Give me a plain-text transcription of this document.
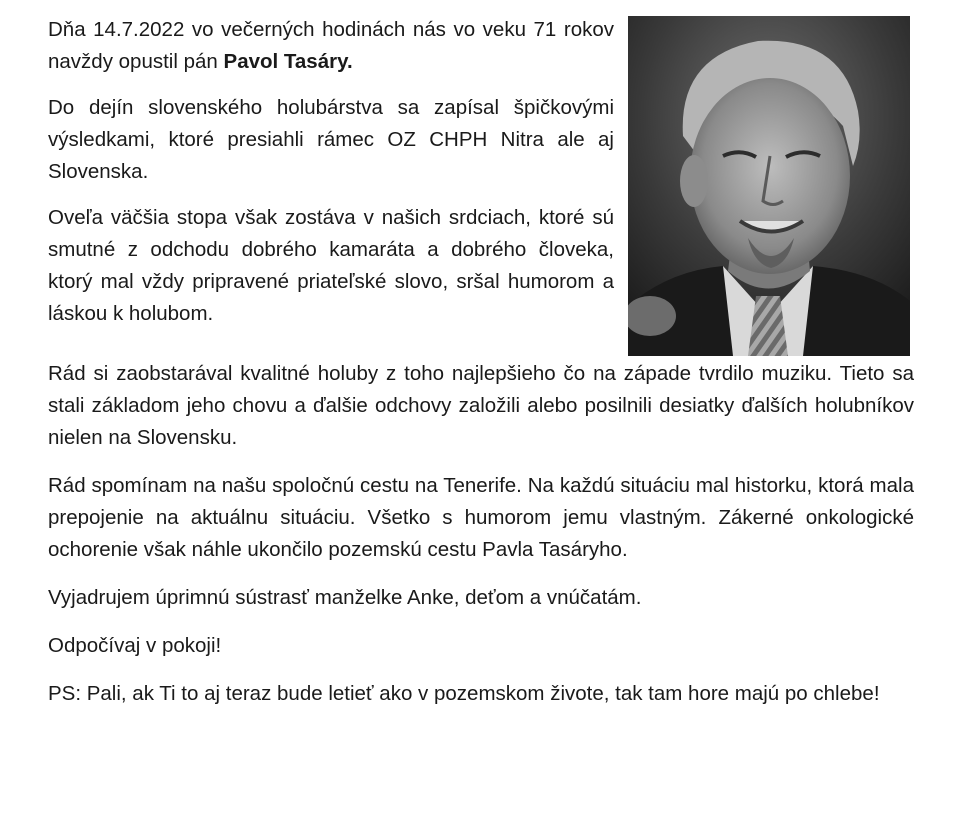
Dňa 14.7.2022 vo večerných hodinách nás vo veku 71 rokov navždy opustil pán Pavol Tasáry.

Do dejín slovenského holubárstva sa zapísal špičkovými výsledkami, ktoré presiahli rámec OZ CHPH Nitra ale aj Slovenska.

Oveľa väčšia stopa však zostáva v našich srdciach, ktoré sú smutné z odchodu dobrého kamaráta a dobrého človeka, ktorý mal vždy pripravené priateľské slovo, sršal humorom a láskou k holubom.

Rád si zaobstarával kvalitné holuby z toho najlepšieho čo na západe tvrdilo muziku. Tieto sa stali základom jeho chovu a ďalšie odchovy založili alebo posilnili desiatky ďalších holubníkov nielen na Slovensku.

Rád spomínam na našu spoločnú cestu na Tenerife. Na každú situáciu mal historku, ktorá mala prepojenie na aktuálnu situáciu. Všetko s humorom jemu vlastným. Zákerné onkologické ochorenie však náhle ukončilo pozemskú cestu Pavla Tasáryho.

Vyjadrujem úprimnú sústrasť manželke Anke, deťom a vnúčatám.

Odpočívaj v pokoji!

PS: Pali, ak Ti to aj teraz bude letieť ako v pozemskom živote, tak tam hore majú po chlebe!
